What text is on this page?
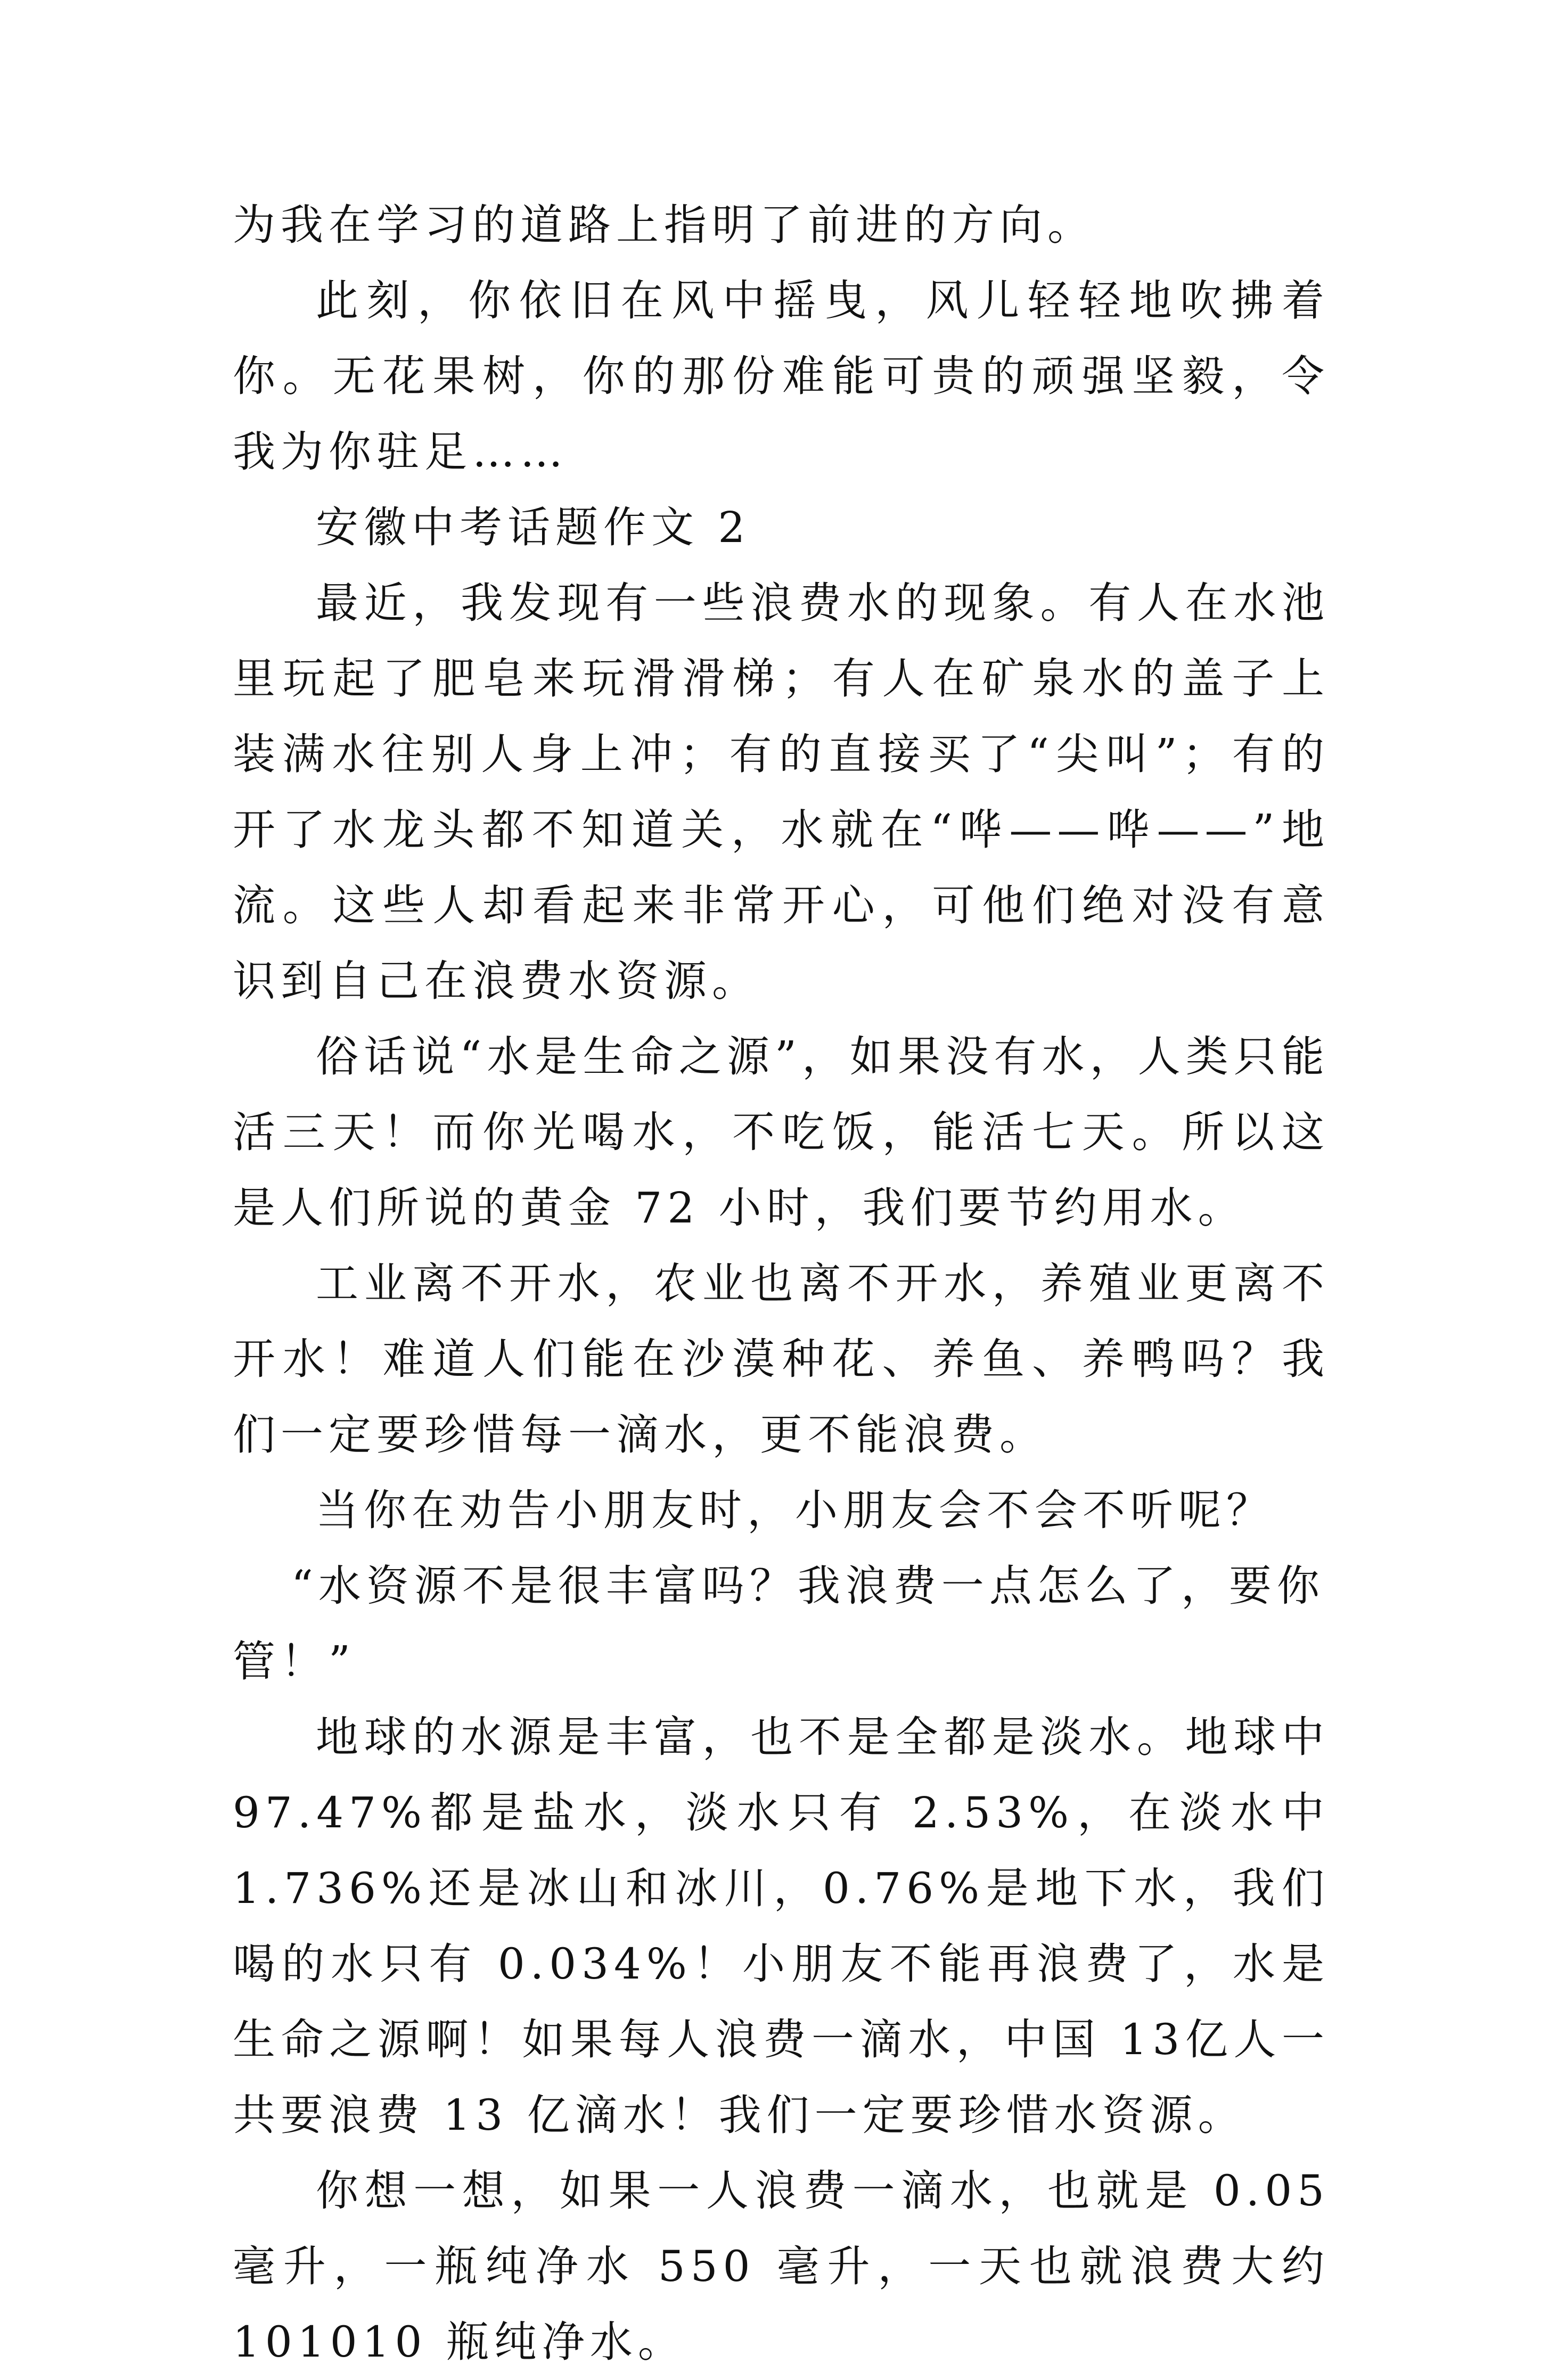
为我在学习的道路上指明了前进的方向。

此刻，你依旧在风中摇曳，风儿轻轻地吹拂着你。无花果树，你的那份难能可贵的顽强坚毅，令我为你驻足……

安徽中考话题作文 2

最近，我发现有一些浪费水的现象。有人在水池里玩起了肥皂来玩滑滑梯；有人在矿泉水的盖子上装满水往别人身上冲；有的直接买了“尖叫”；有的开了水龙头都不知道关，水就在“哗——哗——”地流。这些人却看起来非常开心，可他们绝对没有意识到自己在浪费水资源。

俗话说“水是生命之源”，如果没有水，人类只能活三天！而你光喝水，不吃饭，能活七天。所以这是人们所说的黄金 72 小时，我们要节约用水。

工业离不开水，农业也离不开水，养殖业更离不开水！难道人们能在沙漠种花、养鱼、养鸭吗？我们一定要珍惜每一滴水，更不能浪费。

当你在劝告小朋友时，小朋友会不会不听呢？

“水资源不是很丰富吗？我浪费一点怎么了，要你管！”

地球的水源是丰富，也不是全都是淡水。地球中 97.47%都是盐水，淡水只有 2.53%，在淡水中 1.736%还是冰山和冰川，0.76%是地下水，我们喝的水只有 0.034%！小朋友不能再浪费了，水是生命之源啊！如果每人浪费一滴水，中国 13亿人一共要浪费 13 亿滴水！我们一定要珍惜水资源。

你想一想，如果一人浪费一滴水，也就是 0.05 毫升，一瓶纯净水 550 毫升，一天也就浪费大约 101010 瓶纯净水。
